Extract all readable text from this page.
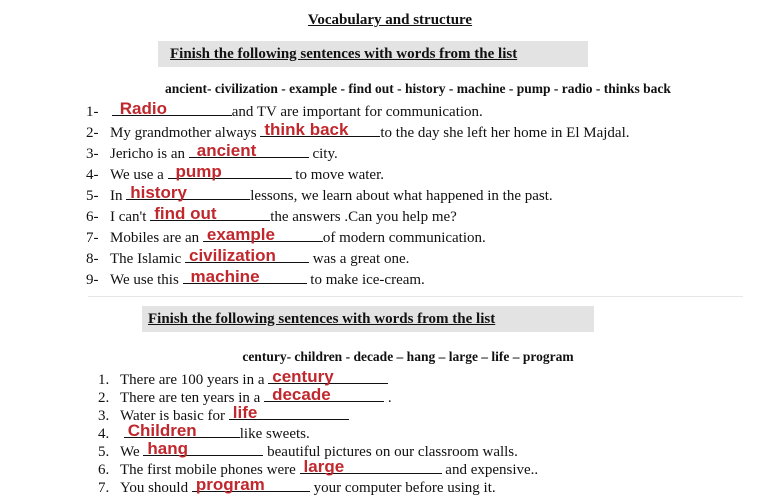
Vocabulary and structure
Finish the following sentences with words from the list
ancient- civilization - example - find out - history - machine - pump - radio - thinks back
1- Radio	and TV are important for communication.
2- My grandmother always think back to the day she left her home in El Majdal.
3- Jericho is an ancient	city.
4- We use a pump	to move water.
5- In history	lessons, we learn about what happened in the past.
6- I can't find out	the answers .Can you help me?
7- Mobiles are an example	of modern communication.
8- The Islamic civilization was a great one.
9- We use this machine	to make ice-cream.
Finish the following sentences with words from the list
century- children - decade – hang – large – life – program
1. There are 100 years in a century
2. There are ten years in a decade	.
3. Water is basic for life
4. Children	like sweets.
5. We hang	beautiful pictures on our classroom walls.
6. The first mobile phones were large	and expensive..
7. You should program	your computer before using it.
